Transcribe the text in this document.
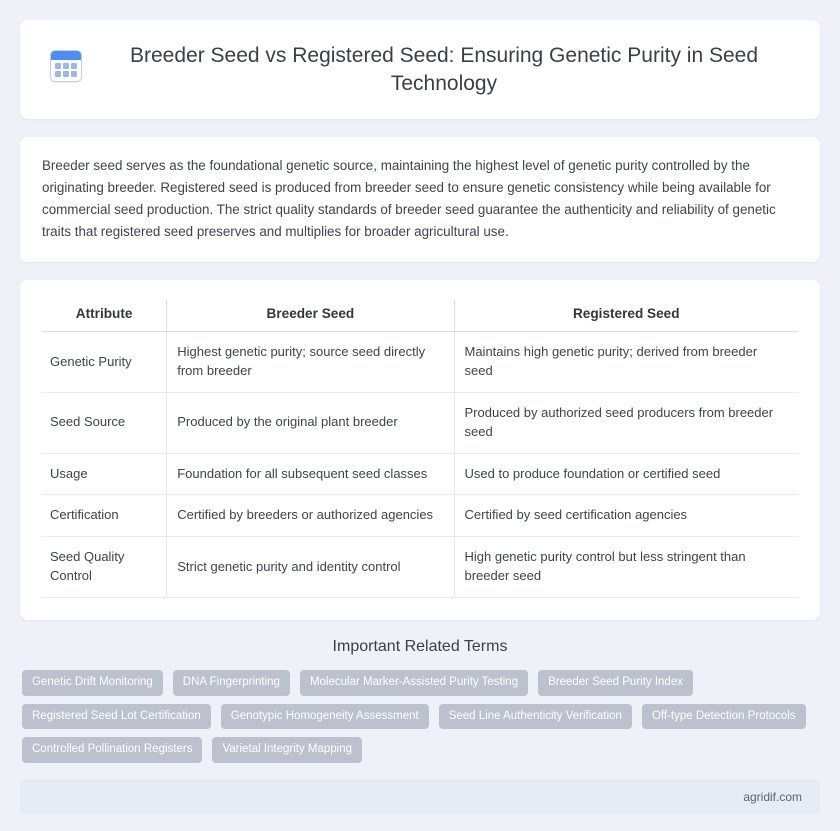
Breeder Seed vs Registered Seed: Ensuring Genetic Purity in Seed Technology

Breeder seed serves as the foundational genetic source, maintaining the highest level of genetic purity controlled by the originating breeder. Registered seed is produced from breeder seed to ensure genetic consistency while being available for commercial seed production. The strict quality standards of breeder seed guarantee the authenticity and reliability of genetic traits that registered seed preserves and multiplies for broader agricultural use.

Attribute	Breeder Seed	Registered Seed
Genetic Purity	Highest genetic purity; source seed directly from breeder	Maintains high genetic purity; derived from breeder seed
Seed Source	Produced by the original plant breeder	Produced by authorized seed producers from breeder seed
Usage	Foundation for all subsequent seed classes	Used to produce foundation or certified seed
Certification	Certified by breeders or authorized agencies	Certified by seed certification agencies
Seed Quality Control	Strict genetic purity and identity control	High genetic purity control but less stringent than breeder seed
Important Related Terms
Genetic Drift Monitoring	DNA Fingerprinting	Molecular Marker-Assisted Purity Testing	Breeder Seed Purity Index
Registered Seed Lot Certification	Genotypic Homogeneity Assessment	Seed Line Authenticity Verification	Off-type Detection Protocols
Controlled Pollination Registers	Varietal Integrity Mapping
agridif.com
